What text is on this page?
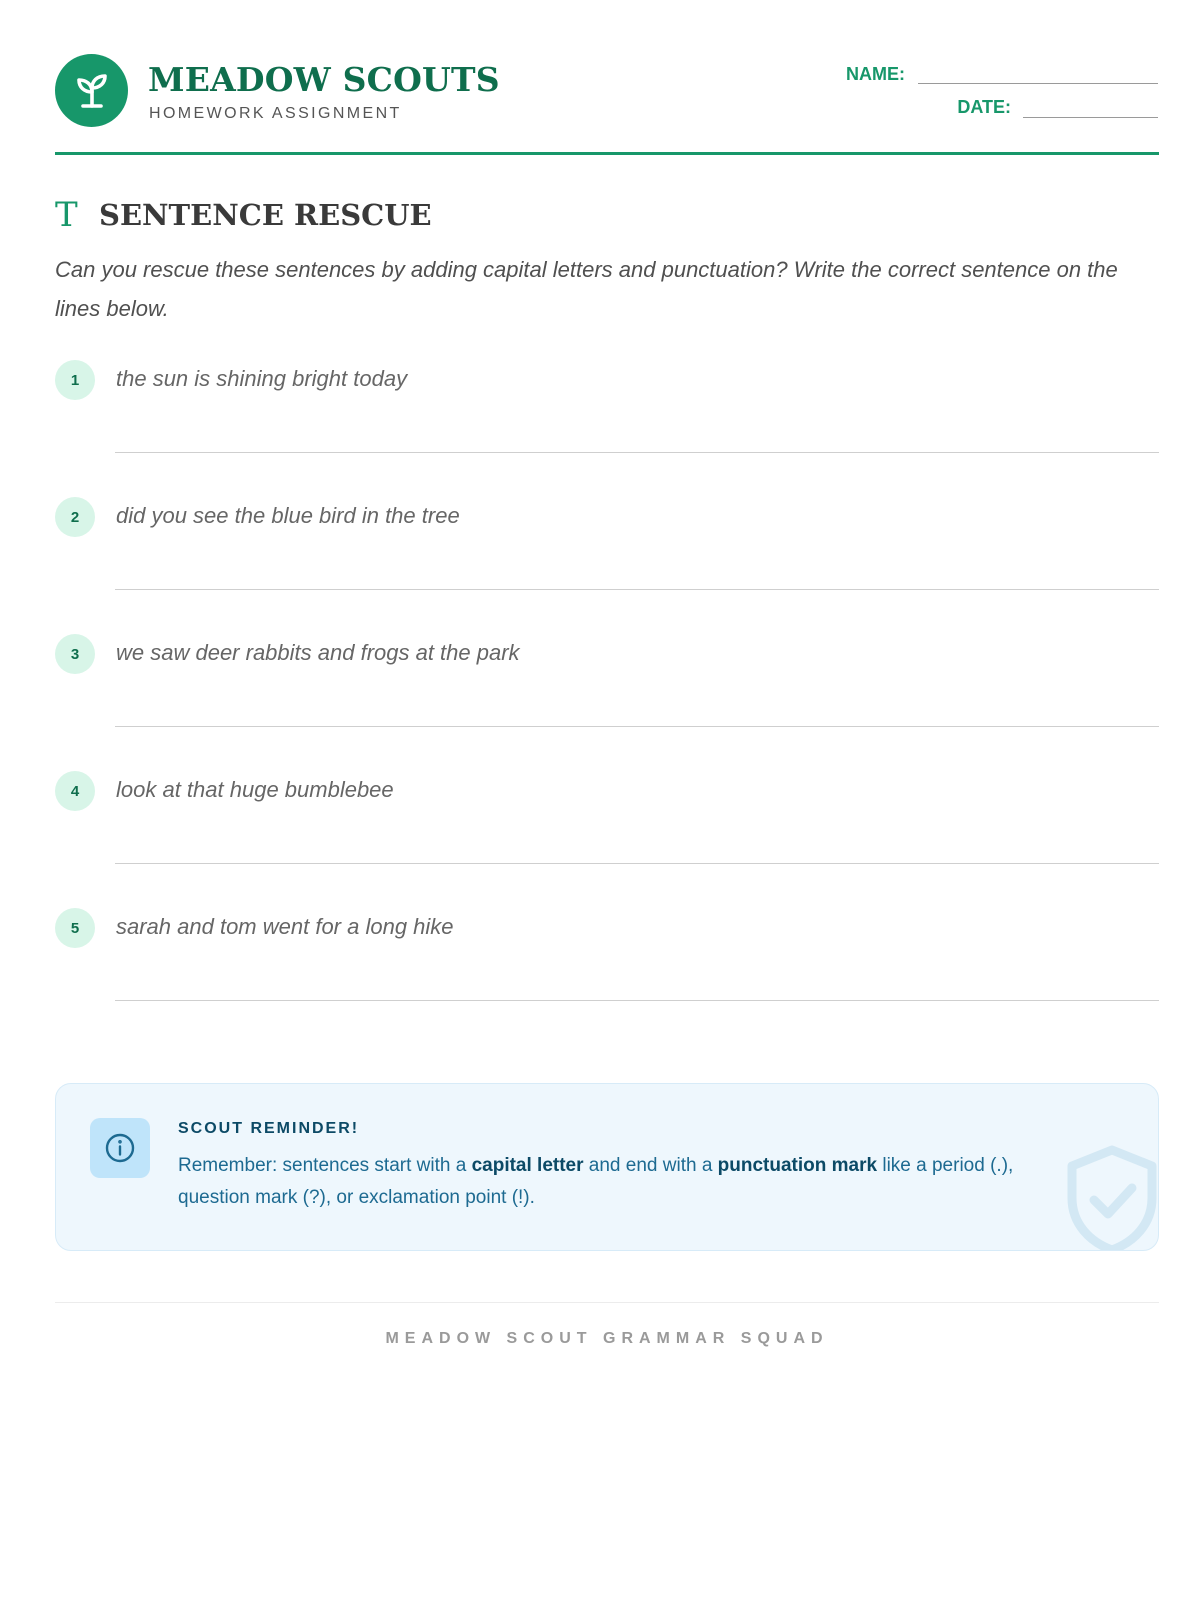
MEADOW SCOUTS
HOMEWORK ASSIGNMENT
NAME:
DATE:
T SENTENCE RESCUE
Can you rescue these sentences by adding capital letters and punctuation? Write the correct sentence on the lines below.
1	the sun is shining bright today
2	did you see the blue bird in the tree
3	we saw deer rabbits and frogs at the park
4	look at that huge bumblebee
5	sarah and tom went for a long hike
SCOUT REMINDER!
Remember: sentences start with a capital letter and end with a punctuation mark like a period (.), question mark (?), or exclamation point (!).
MEADOW SCOUT GRAMMAR SQUAD
